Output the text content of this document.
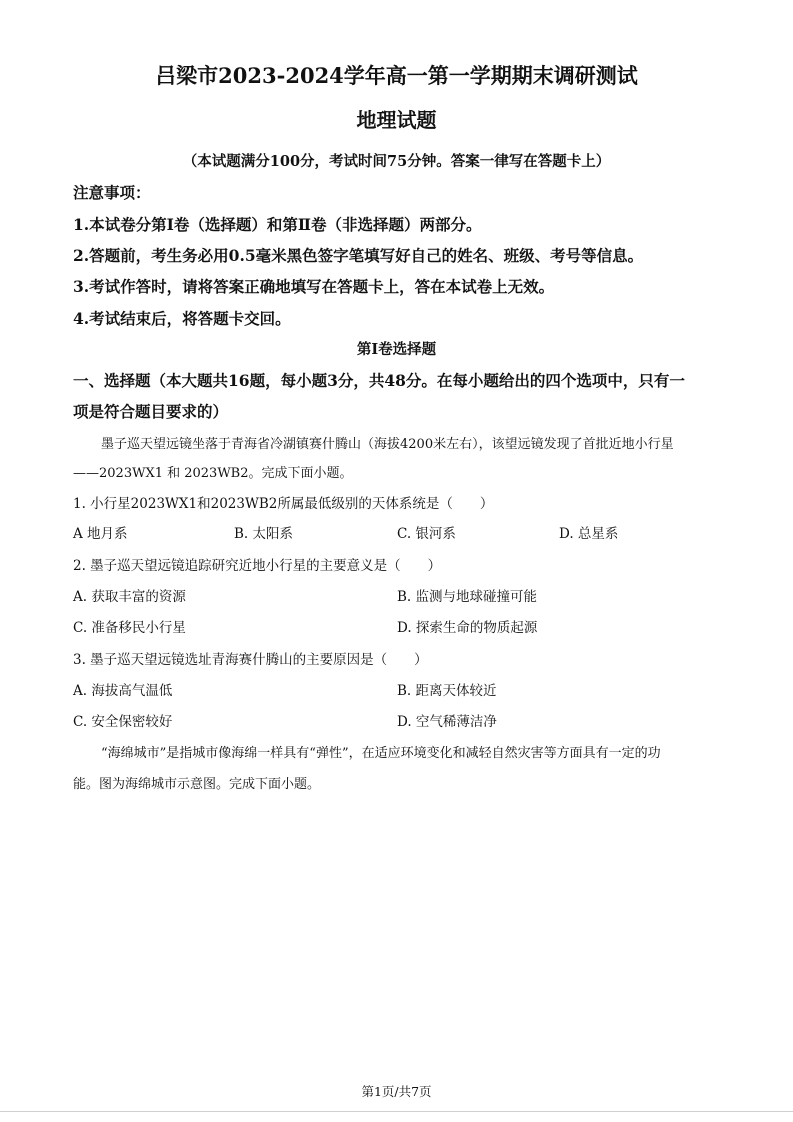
吕梁市2023-2024学年高一第一学期期末调研测试
地理试题
（本试题满分100分，考试时间75分钟。答案一律写在答题卡上）
注意事项：
1.本试卷分第Ⅰ卷（选择题）和第Ⅱ卷（非选择题）两部分。
2.答题前，考生务必用0.5毫米黑色签字笔填写好自己的姓名、班级、考号等信息。
3.考试作答时，请将答案正确地填写在答题卡上，答在本试卷上无效。
4.考试结束后，将答题卡交回。
第Ⅰ卷选择题
一、选择题（本大题共16题，每小题3分，共48分。在每小题给出的四个选项中，只有一
项是符合题目要求的）
墨子巡天望远镜坐落于青海省冷湖镇赛什腾山（海拔4200米左右），该望远镜发现了首批近地小行星
——2023WX1 和 2023WB2。完成下面小题。
1. 小行星2023WX1和2023WB2所属最低级别的天体系统是（　　）
A 地月系	B. 太阳系	C. 银河系	D. 总星系
2. 墨子巡天望远镜追踪研究近地小行星的主要意义是（　　）
A. 获取丰富的资源	B. 监测与地球碰撞可能
C. 准备移民小行星	D. 探索生命的物质起源
3. 墨子巡天望远镜选址青海赛什腾山的主要原因是（　　）
A. 海拔高气温低	B. 距离天体较近
C. 安全保密较好	D. 空气稀薄洁净
“海绵城市”是指城市像海绵一样具有“弹性”，在适应环境变化和减轻自然灾害等方面具有一定的功
能。图为海绵城市示意图。完成下面小题。
第1页/共7页
